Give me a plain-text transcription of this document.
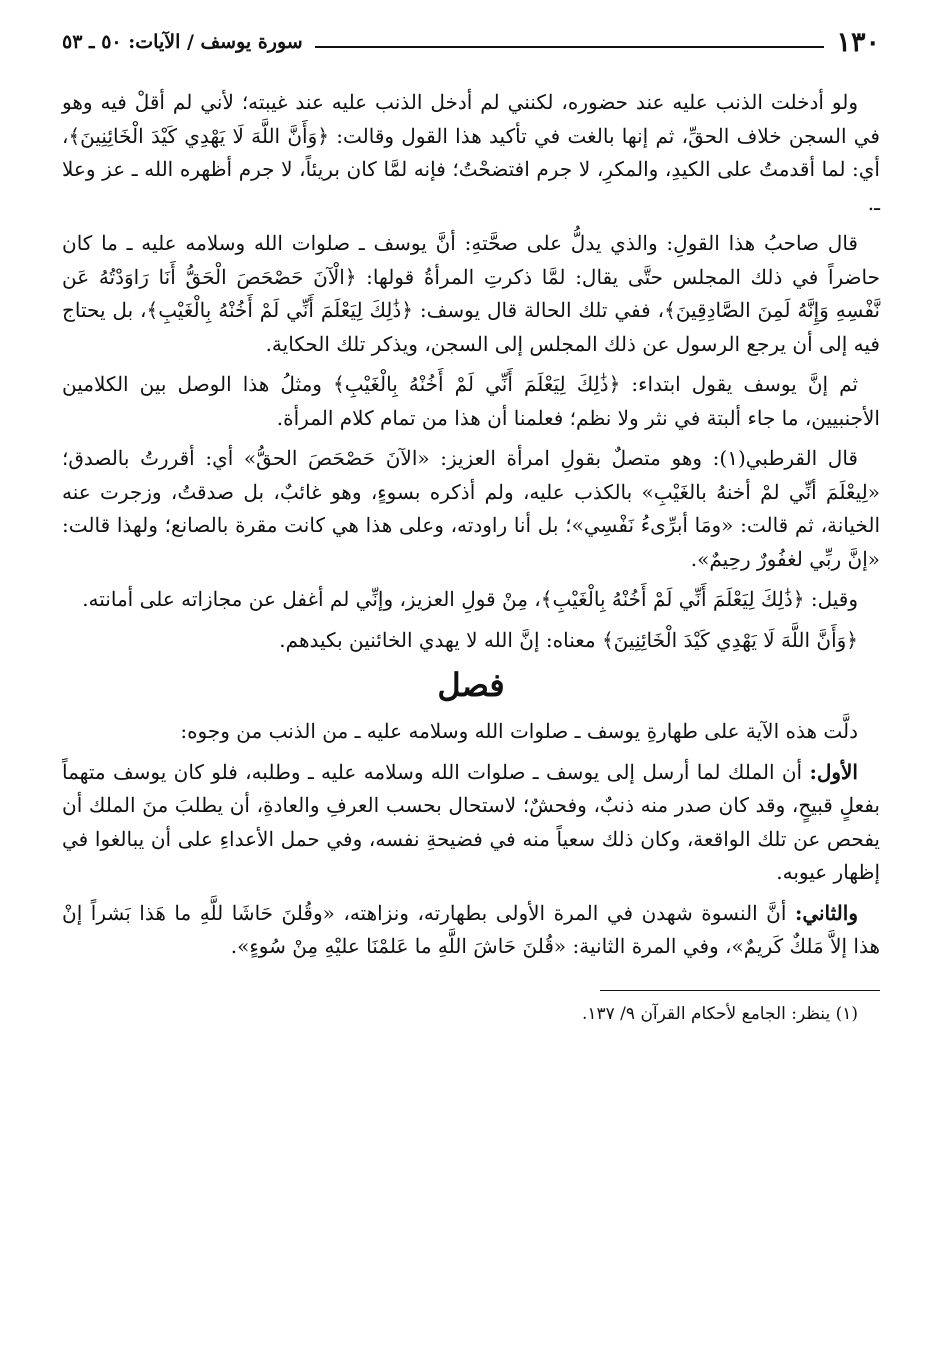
١٣٠
سورة يوسف / الآيات: ٥٠ ـ ٥٣

ولو أدخلت الذنب عليه عند حضوره، لكنني لم أدخل الذنب عليه عند غيبته؛ لأني لم أقلْ فيه وهو في السجن خلاف الحقِّ، ثم إنها بالغت في تأكيد هذا القول وقالت: ﴿وَأَنَّ اللَّهَ لَا يَهْدِي كَيْدَ الْخَائِنِينَ﴾، أي: لما أقدمتُ على الكيدِ، والمكرِ، لا جرم افتضحْتُ؛ فإنه لمَّا كان بريئاً، لا جرم أظهره الله ـ عز وعلا ـ.

قال صاحبُ هذا القولِ: والذي يدلُّ على صحَّتهِ: أنَّ يوسف ـ صلوات الله وسلامه عليه ـ ما كان حاضراً في ذلك المجلس حتَّى يقال: لمَّا ذكرتِ المرأةُ قولها: ﴿الْآنَ حَصْحَصَ الْحَقُّ أَنَا رَاوَدْتُهُ عَن نَّفْسِهِ وَإِنَّهُ لَمِنَ الصَّادِقِينَ﴾، ففي تلك الحالة قال يوسف: ﴿ذَٰلِكَ لِيَعْلَمَ أَنِّي لَمْ أَخُنْهُ بِالْغَيْبِ﴾، بل يحتاج فيه إلى أن يرجع الرسول عن ذلك المجلس إلى السجن، ويذكر تلك الحكاية.

ثم إنَّ يوسف يقول ابتداء: ﴿ذَٰلِكَ لِيَعْلَمَ أَنِّي لَمْ أَخُنْهُ بِالْغَيْبِ﴾ ومثلُ هذا الوصل بين الكلامين الأجنبيين، ما جاء ألبتة في نثر ولا نظم؛ فعلمنا أن هذا من تمام كلام المرأة.

قال القرطبي(١): وهو متصلٌ بقولِ امرأة العزيز: «الآنَ حَصْحَصَ الحقُّ» أي: أقررتُ بالصدق؛ «لِيعْلَمَ أنِّي لمْ أخنهُ بالغَيْبِ» بالكذب عليه، ولم أذكره بسوءٍ، وهو غائبٌ، بل صدقتُ، وزجرت عنه الخيانة، ثم قالت: «ومَا أبرِّىءُ نَفْسِي»؛ بل أنا راودته، وعلى هذا هي كانت مقرة بالصانع؛ ولهذا قالت: «إنَّ ربِّي لغفُورٌ رحِيمٌ».

وقيل: ﴿ذَٰلِكَ لِيَعْلَمَ أَنِّي لَمْ أَخُنْهُ بِالْغَيْبِ﴾، مِنْ قولِ العزيز، وإنِّي لم أغفل عن مجازاته على أمانته.

﴿وَأَنَّ اللَّهَ لَا يَهْدِي كَيْدَ الْخَائِنِينَ﴾ معناه: إنَّ الله لا يهدي الخائنين بكيدهم.

فصل

دلَّت هذه الآية على طهارةِ يوسف ـ صلوات الله وسلامه عليه ـ من الذنب من وجوه:

الأول: أن الملك لما أرسل إلى يوسف ـ صلوات الله وسلامه عليه ـ وطلبه، فلو كان يوسف متهماً بفعلٍ قبيحٍ، وقد كان صدر منه ذنبٌ، وفحشٌ؛ لاستحال بحسب العرفِ والعادةِ، أن يطلبَ منَ الملك أن يفحص عن تلك الواقعة، وكان ذلك سعياً منه في فضيحةِ نفسه، وفي حمل الأعداءِ على أن يبالغوا في إظهار عيوبه.

والثاني: أنَّ النسوة شهدن في المرة الأولى بطهارته، ونزاهته، «وقُلنَ حَاشَا للَّهِ ما هَذا بَشراً إنْ هذا إلاَّ مَلكٌ كَريمٌ»، وفي المرة الثانية: «قُلنَ حَاشَ اللَّهِ ما عَلمْنَا عليْهِ مِنْ سُوءٍ».

(١) ينظر: الجامع لأحكام القرآن ٩/ ١٣٧.
